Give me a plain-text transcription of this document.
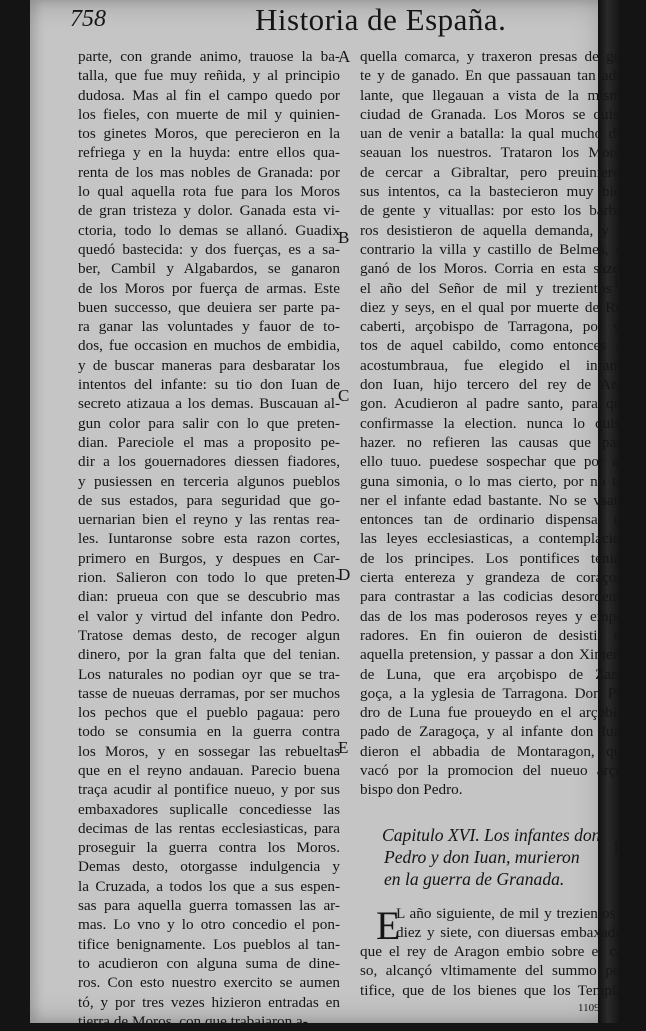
758	Historia de España.
parte, con grande animo, trauose la ba-
talla, que fue muy reñida, y al principio
dudosa. Mas al fin el campo quedo por
los fieles, con muerte de mil y quinien-
tos ginetes Moros, que perecieron en la
refriega y en la huyda: entre ellos qua-
renta de los mas nobles de Granada: por
lo qual aquella rota fue para los Moros
de gran tristeza y dolor. Ganada esta vi-
ctoria, todo lo demas se allanó. Guadix
quedó bastecida: y dos fuerças, es a sa-
ber, Cambil y Algabardos, se ganaron
de los Moros por fuerça de armas. Este
buen successo, que deuiera ser parte pa-
ra ganar las voluntades y fauor de to-
dos, fue occasion en muchos de embidia,
y de buscar maneras para desbaratar los
intentos del infante: su tio don Iuan de
secreto atizaua a los demas. Buscauan al-
gun color para salir con lo que preten-
dian. Pareciole el mas a proposito pe-
dir a los gouernadores diessen fiadores,
y pusiessen en terceria algunos pueblos
de sus estados, para seguridad que go-
uernarian bien el reyno y las rentas rea-
les. Iuntaronse sobre esta razon cortes,
primero en Burgos, y despues en Car-
rion. Salieron con todo lo que preten-
dian: prueua con que se descubrio mas
el valor y virtud del infante don Pedro.
Tratose demas desto, de recoger algun
dinero, por la gran falta que del tenian.
Los naturales no podian oyr que se tra-
tasse de nueuas derramas, por ser muchos
los pechos que el pueblo pagaua: pero
todo se consumia en la guerra contra
los Moros, y en sossegar las rebueltas
que en el reyno andauan. Parecio buena
traça acudir al pontifice nueuo, y por sus
embaxadores suplicalle concediesse las
decimas de las rentas ecclesiasticas, para
proseguir la guerra contra los Moros.
Demas desto, otorgasse indulgencia y
la Cruzada, a todos los que a sus espen-
sas para aquella guerra tomassen las ar-
mas. Lo vno y lo otro concedio el pon-
tifice benignamente. Los pueblos al tan-
to acudieron con alguna suma de dine-
ros. Con esto nuestro exercito se aumen
tó, y por tres vezes hizieron entradas en
tierra de Moros, con que trabajaron a-
quella comarca, y traxeron presas de gen
te y de ganado. En que passauan tan ade-
lante, que llegauan a vista de la misma
ciudad de Granada. Los Moros se quisi-
uan de venir a batalla: la qual mucho de-
seauan los nuestros. Trataron los Moros
de cercar a Gibraltar, pero preuinieron
sus intentos, ca la bastecieron muy bien
de gente y vituallas: por esto los barba-
ros desistieron de aquella demanda, y al
contrario la villa y castillo de Belmes, se
ganó de los Moros. Corria en esta sazon
el año del Señor de mil y trezientos y
diez y seys, en el qual por muerte de Ro-
caberti, arçobispo de Tarragona, por vo
tos de aquel cabildo, como entonces se
acostumbraua, fue elegido el infante
don Iuan, hijo tercero del rey de Ara-
gon. Acudieron al padre santo, para que
confirmasse la election. nunca lo quiso
hazer. no refieren las causas que para
ello tuuo. puedese sospechar que por al-
guna simonia, o lo mas cierto, por no te-
ner el infante edad bastante. No se vsaua
entonces tan de ordinario dispensar en
las leyes ecclesiasticas, a contemplacion
de los principes. Los pontifices tenian
cierta entereza y grandeza de coraçon,
para contrastar a las codicias desordena-
das de los mas poderosos reyes y empe-
radores. En fin ouieron de desistir de
aquella pretension, y passar a don Ximeno
de Luna, que era arçobispo de Zara-
goça, a la yglesia de Tarragona. Don Pe-
dro de Luna fue proueydo en el arçobis-
pado de Zaragoça, y al infante don Iuan
dieron el abbadia de Montaragon, que
vacó por la promocion del nueuo arço-
bispo don Pedro.
Capitulo XVI. Los infantes don
Pedro y don Iuan, murieron
en la guerra de Granada.
E
L año siguiente, de mil y trezientos y
diez y siete, con diuersas embaxadas
que el rey de Aragon embio sobre el ca-
so, alcançó vltimamente del summo pon
tifice, que de los bienes que los Templa-
A
B
C
D
E
1316
1317
1109
